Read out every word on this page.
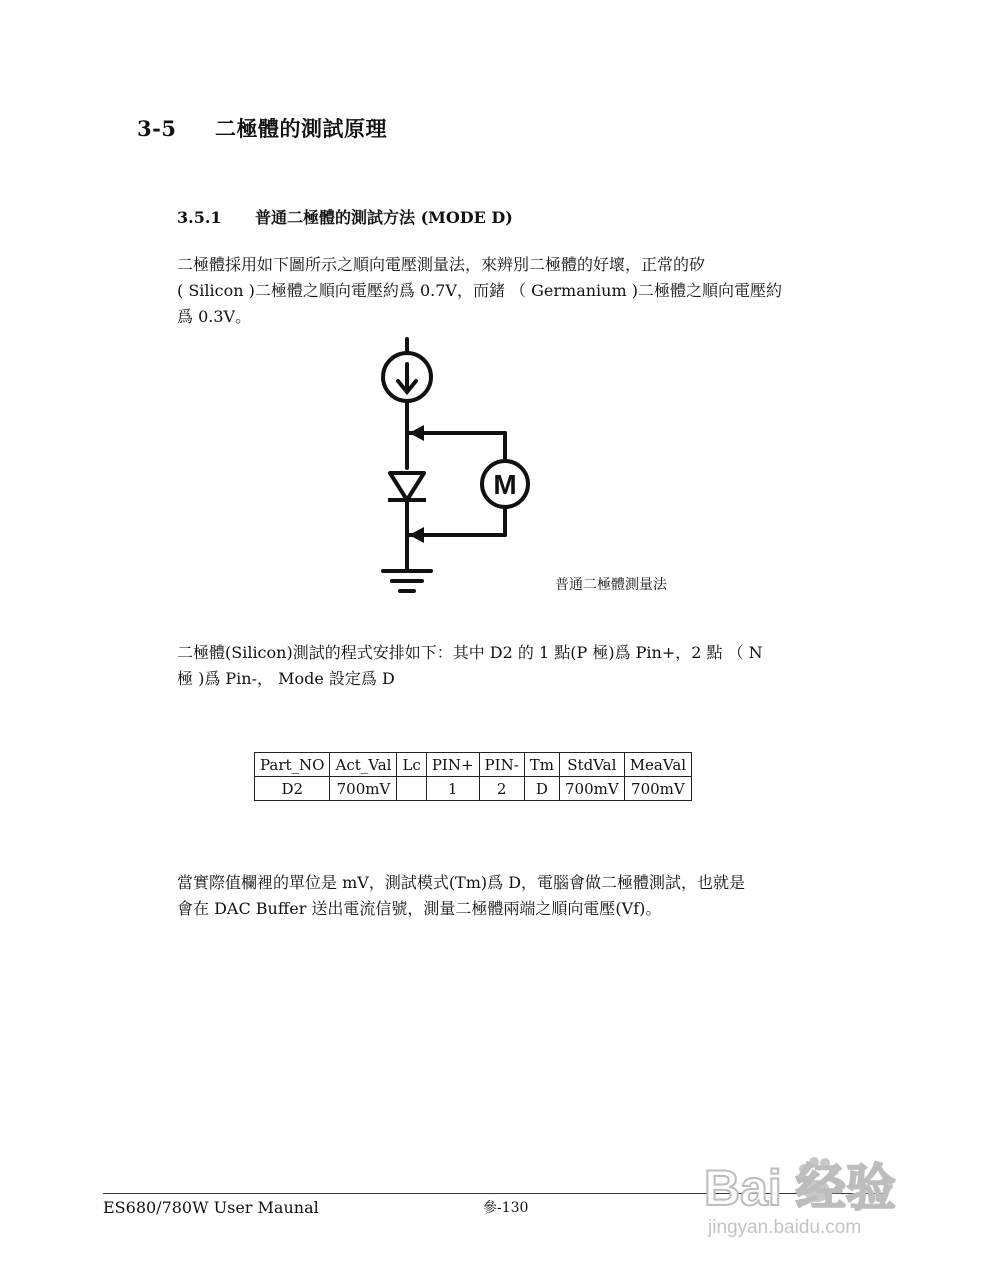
3-5 二極體的測試原理
3.5.1 普通二極體的測試方法 (MODE D)
二極體採用如下圖所示之順向電壓測量法，來辨別二極體的好壞，正常的矽
( Silicon )二極體之順向電壓約爲 0.7V，而鍺 （ Germanium )二極體之順向電壓約
爲 0.3V。
M
普通二極體測量法
二極體(Silicon)測試的程式安排如下：其中 D2 的 1 點(P 極)爲 Pin+，2 點 （ N
極 )爲 Pin-， Mode 設定爲 D
Part_NO	Act_Val	Lc	PIN+	PIN-	Tm	StdVal	MeaVal
D2	700mV		1	2	D	700mV	700mV
當實際值欄裡的單位是 mV，測試模式(Tm)爲 D，電腦會做二極體測試，也就是
會在 DAC Buffer 送出電流信號，測量二極體兩端之順向電壓(Vf)。
ES680/780W User Maunal	參-130	Bai 经验
jingyan.baidu.com
